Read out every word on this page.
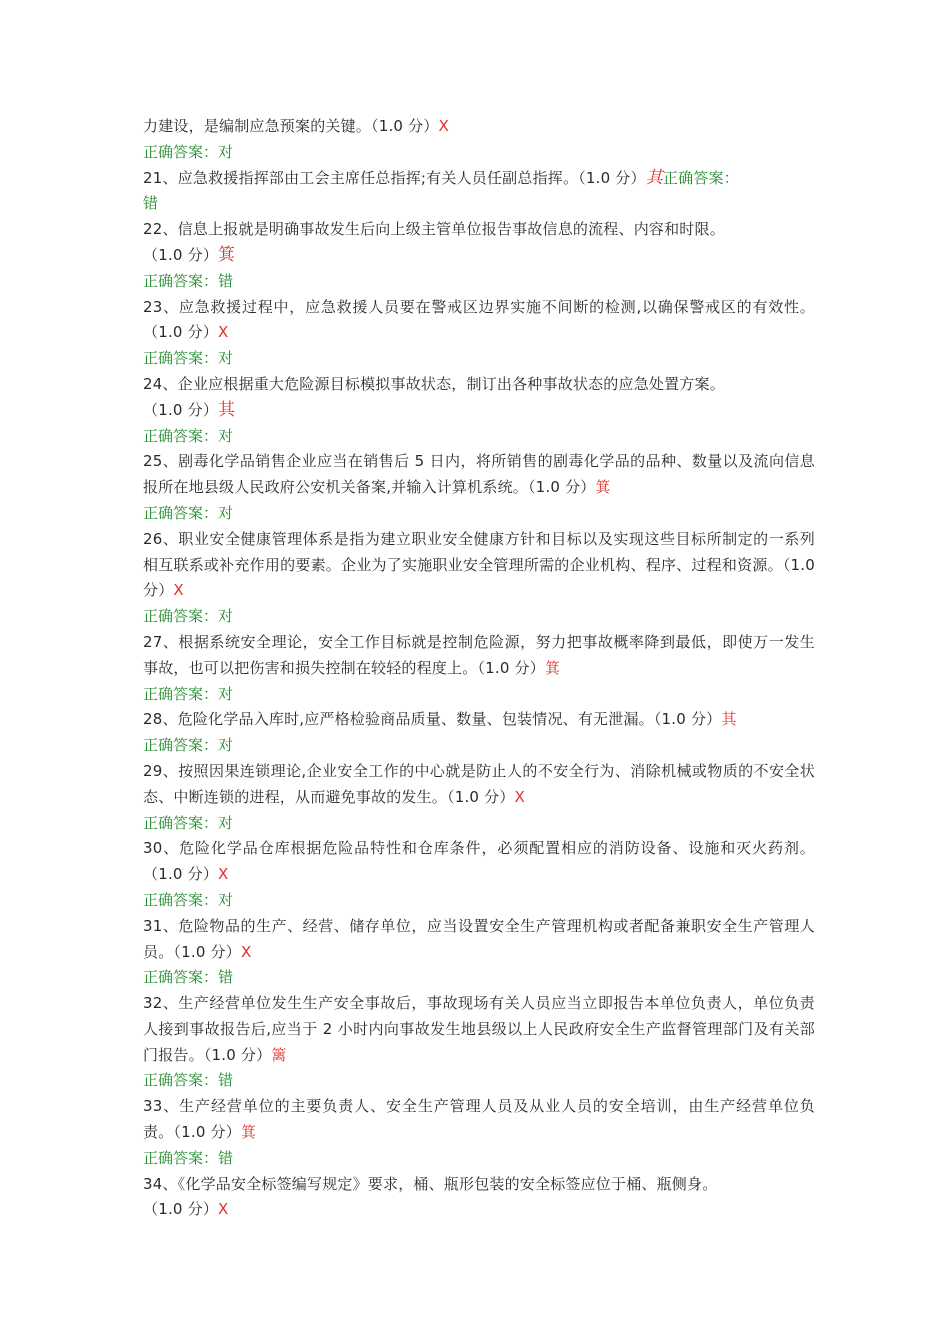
力建设，是编制应急预案的关键。（1.0 分）X
正确答案：对
21、应急救援指挥部由工会主席任总指挥;有关人员任副总指挥。（1.0 分）其正确答案：
错
22、信息上报就是明确事故发生后向上级主管单位报告事故信息的流程、内容和时限。
（1.0 分）箕
正确答案：错
23、应急救援过程中，应急救援人员要在警戒区边界实施不间断的检测,以确保警戒区的有效性。（1.0 分）X
正确答案：对
24、企业应根据重大危险源目标模拟事故状态，制订出各种事故状态的应急处置方案。
（1.0 分）其
正确答案：对
25、剧毒化学品销售企业应当在销售后 5 日内，将所销售的剧毒化学品的品种、数量以及流向信息报所在地县级人民政府公安机关备案,并输入计算机系统。（1.0 分）箕
正确答案：对
26、职业安全健康管理体系是指为建立职业安全健康方针和目标以及实现这些目标所制定的一系列相互联系或补充作用的要素。企业为了实施职业安全管理所需的企业机构、程序、过程和资源。（1.0 分）X
正确答案：对
27、根据系统安全理论，安全工作目标就是控制危险源，努力把事故概率降到最低，即使万一发生事故，也可以把伤害和损失控制在较轻的程度上。（1.0 分）箕
正确答案：对
28、危险化学品入库时,应严格检验商品质量、数量、包装情况、有无泄漏。（1.0 分）其
正确答案：对
29、按照因果连锁理论,企业安全工作的中心就是防止人的不安全行为、消除机械或物质的不安全状态、中断连锁的进程，从而避免事故的发生。（1.0 分）X
正确答案：对
30、危险化学品仓库根据危险品特性和仓库条件，必须配置相应的消防设备、设施和灭火药剂。（1.0 分）X
正确答案：对
31、危险物品的生产、经营、储存单位，应当设置安全生产管理机构或者配备兼职安全生产管理人员。（1.0 分）X
正确答案：错
32、生产经营单位发生生产安全事故后，事故现场有关人员应当立即报告本单位负责人，单位负责人接到事故报告后,应当于 2 小时内向事故发生地县级以上人民政府安全生产监督管理部门及有关部门报告。（1.0 分）篱
正确答案：错
33、生产经营单位的主要负责人、安全生产管理人员及从业人员的安全培训，由生产经营单位负责。（1.0 分）箕
正确答案：错
34、《化学品安全标签编写规定》要求，桶、瓶形包装的安全标签应位于桶、瓶侧身。
（1.0 分）X
